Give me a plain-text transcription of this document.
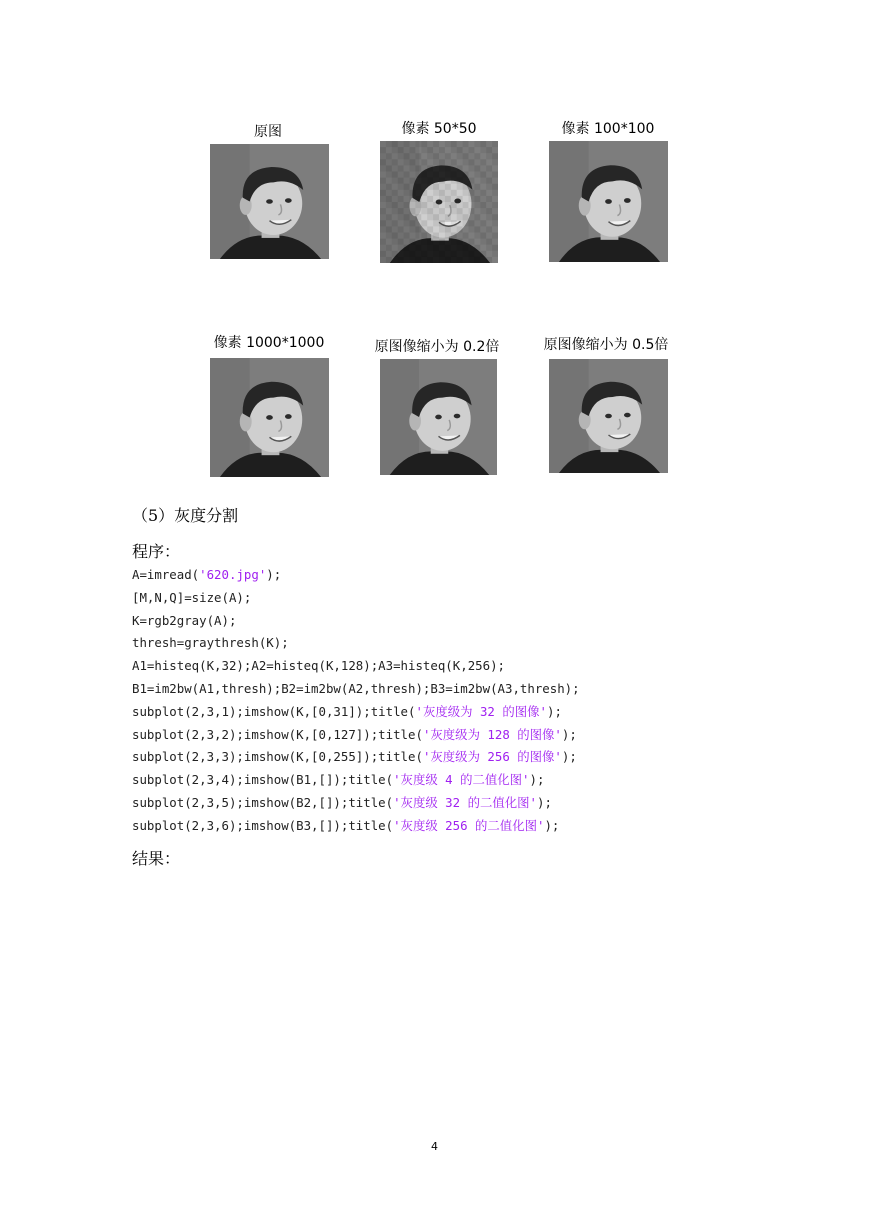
原图	像素 50*50	像素 100*100
像素 1000*1000	原图像缩小为 0.2倍	原图像缩小为 0.5倍
（5）灰度分割
程序：
A=imread('620.jpg');
[M,N,Q]=size(A);
K=rgb2gray(A);
thresh=graythresh(K);
A1=histeq(K,32);A2=histeq(K,128);A3=histeq(K,256);
B1=im2bw(A1,thresh);B2=im2bw(A2,thresh);B3=im2bw(A3,thresh);
subplot(2,3,1);imshow(K,[0,31]);title('灰度级为 32 的图像');
subplot(2,3,2);imshow(K,[0,127]);title('灰度级为 128 的图像');
subplot(2,3,3);imshow(K,[0,255]);title('灰度级为 256 的图像');
subplot(2,3,4);imshow(B1,[]);title('灰度级 4 的二值化图');
subplot(2,3,5);imshow(B2,[]);title('灰度级 32 的二值化图');
subplot(2,3,6);imshow(B3,[]);title('灰度级 256 的二值化图');
结果：
4
